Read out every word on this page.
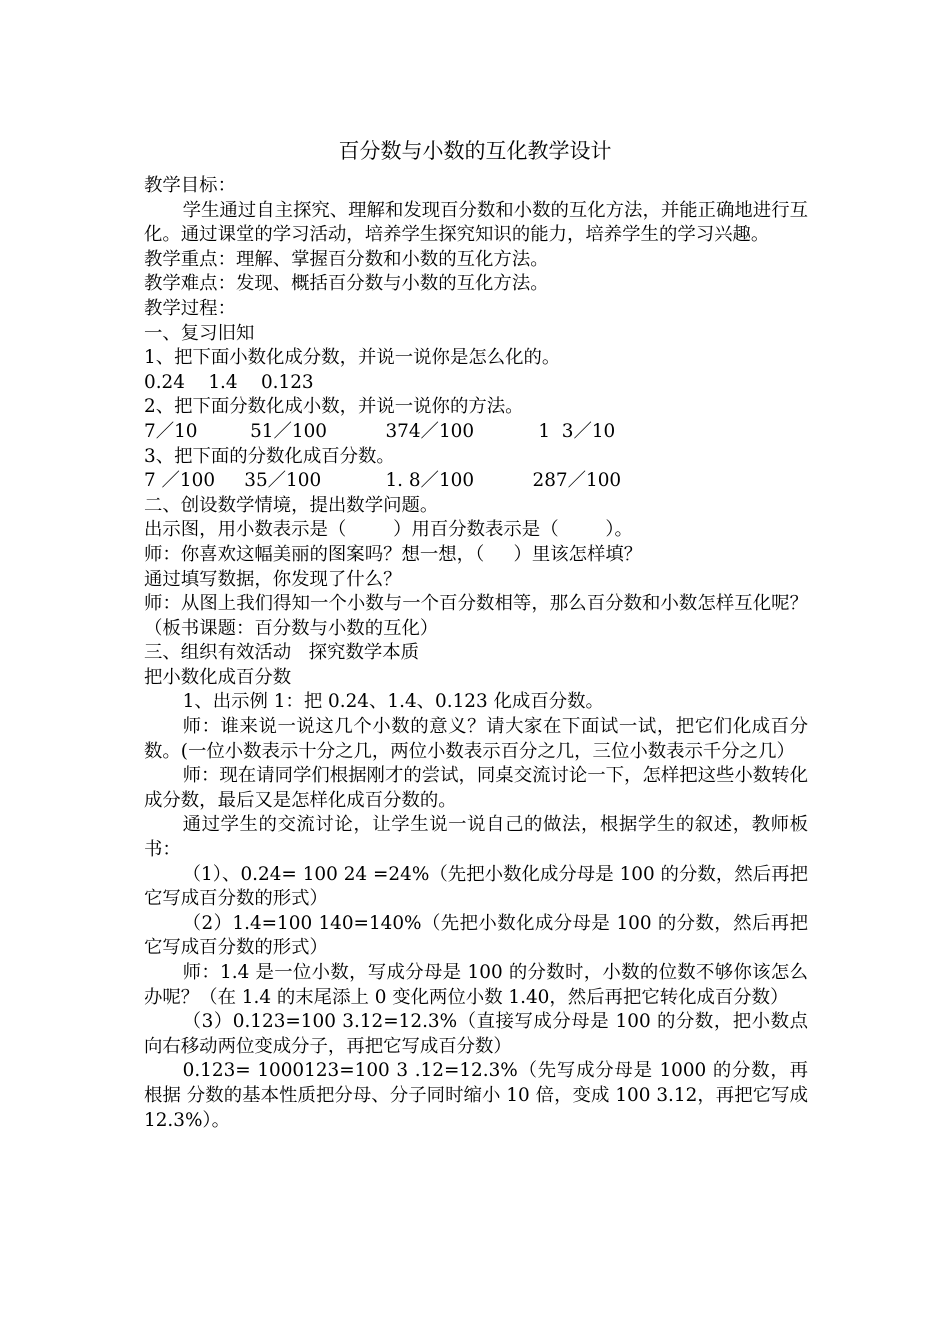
百分数与小数的互化教学设计

教学目标：

学生通过自主探究、理解和发现百分数和小数的互化方法，并能正确地进行互化。通过课堂的学习活动，培养学生探究知识的能力，培养学生的学习兴趣。

教学重点：理解、掌握百分数和小数的互化方法。

教学难点：发现、概括百分数与小数的互化方法。

教学过程：

一、复习旧知

1、把下面小数化成分数，并说一说你是怎么化的。

0.24    1.4    0.123

2、把下面分数化成小数，并说一说你的方法。

7／10         51／100          374／100           1  3／10

3、把下面的分数化成百分数。

7 ／100     35／100           1. 8／100          287／100

二、创设数学情境，提出数学问题。

出示图，用小数表示是（        ）用百分数表示是（        ）。

师：你喜欢这幅美丽的图案吗？想一想，（     ）里该怎样填？

通过填写数据，你发现了什么？

师：从图上我们得知一个小数与一个百分数相等，那么百分数和小数怎样互化呢？（板书课题：百分数与小数的互化）

三、组织有效活动   探究数学本质

把小数化成百分数

1、出示例 1：把 0.24、1.4、0.123 化成百分数。

师：谁来说一说这几个小数的意义？请大家在下面试一试，把它们化成百分数。(一位小数表示十分之几，两位小数表示百分之几，三位小数表示千分之几）

师：现在请同学们根据刚才的尝试，同桌交流讨论一下，怎样把这些小数转化成分数，最后又是怎样化成百分数的。

通过学生的交流讨论，让学生说一说自己的做法，根据学生的叙述，教师板书：

（1）、0.24= 100 24 =24%（先把小数化成分母是 100 的分数，然后再把它写成百分数的形式）

（2）1.4=100 140=140%（先把小数化成分母是 100 的分数，然后再把它写成百分数的形式）

师：1.4 是一位小数，写成分母是 100 的分数时，小数的位数不够你该怎么办呢？（在 1.4 的末尾添上 0 变化两位小数 1.40，然后再把它转化成百分数）

（3）0.123=100 3.12=12.3%（直接写成分母是 100 的分数，把小数点向右移动两位变成分子，再把它写成百分数）

0.123= 1000123=100 3 .12=12.3%（先写成分母是 1000 的分数，再根据 分数的基本性质把分母、分子同时缩小 10 倍，变成 100 3.12，再把它写成 12.3%）。
